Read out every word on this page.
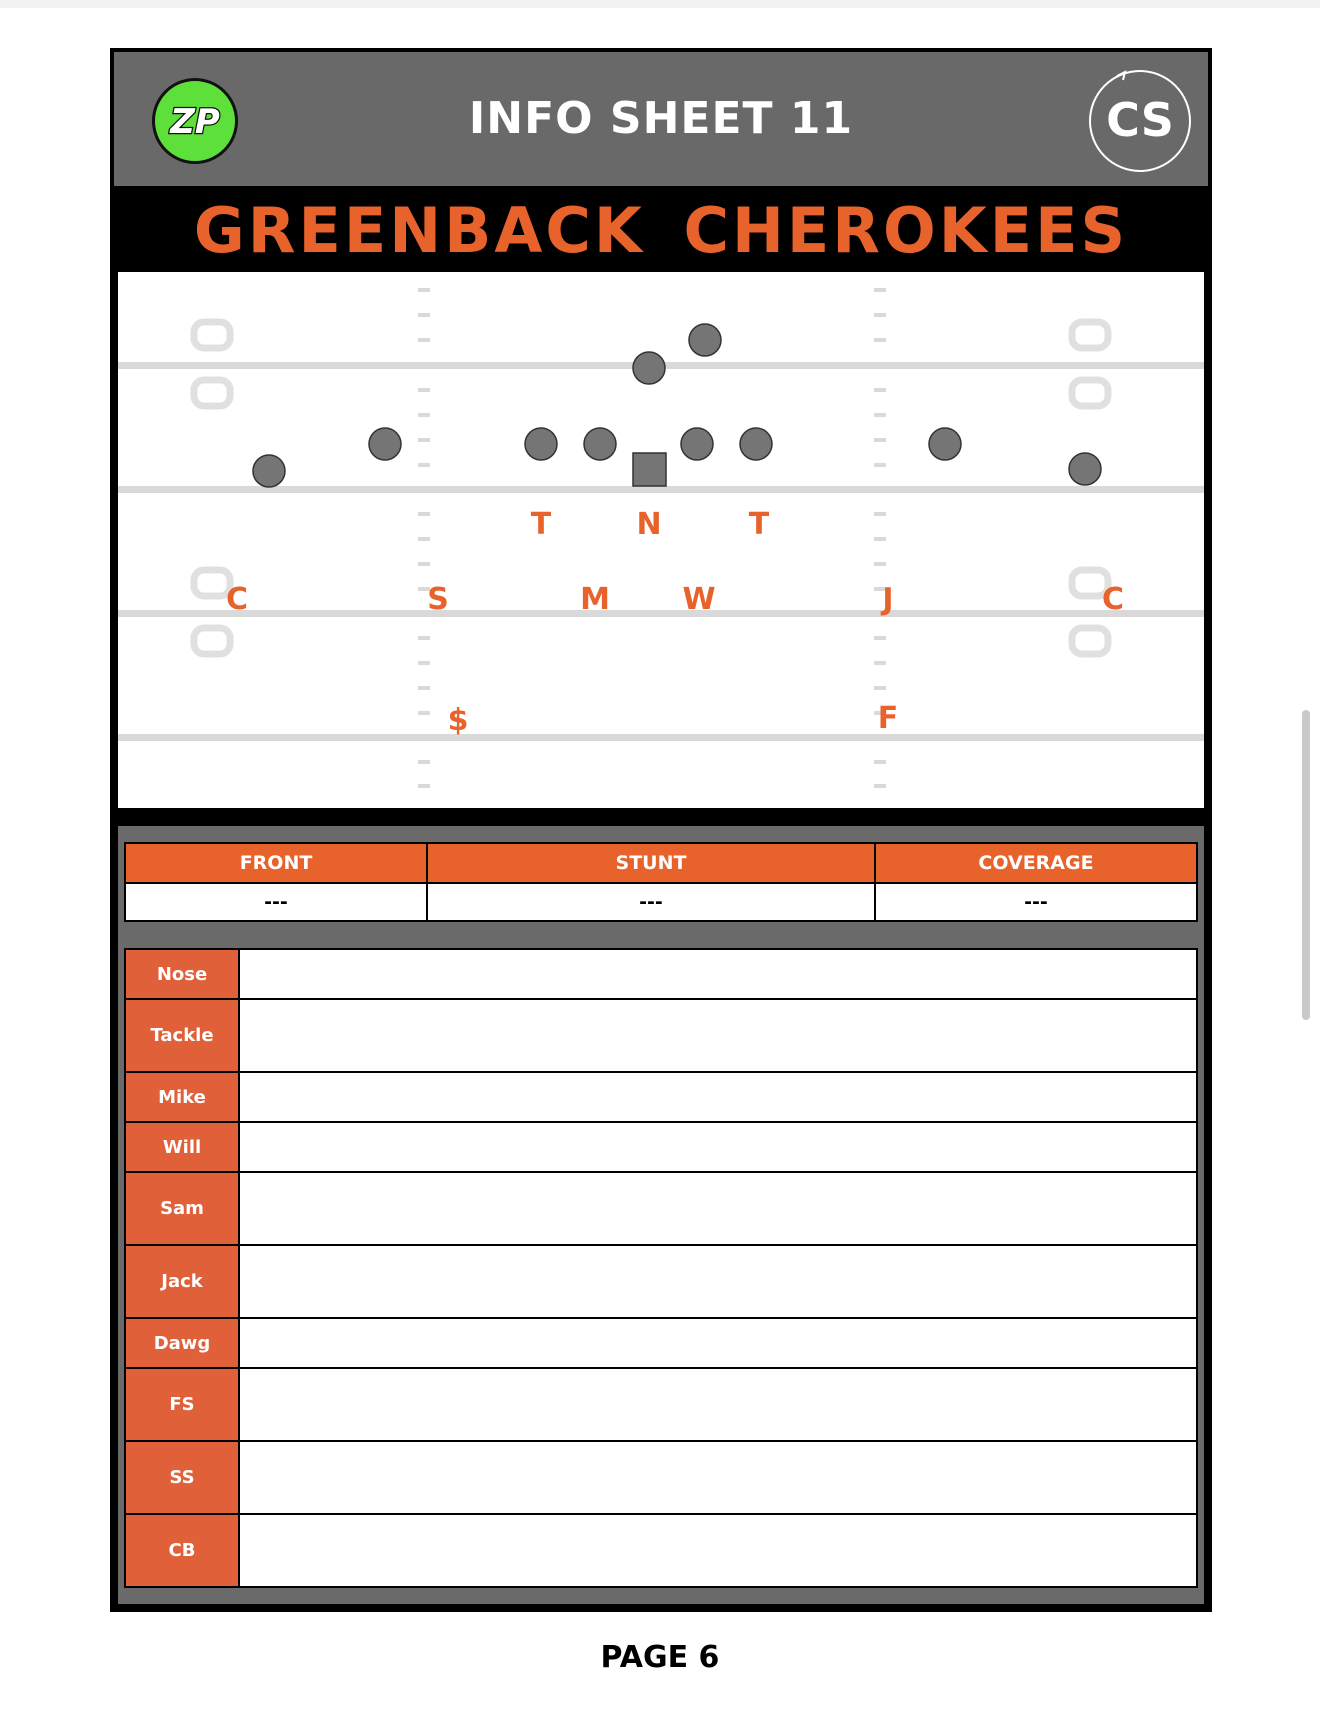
ZP	INFO SHEET 11	CS
GREENBACK CHEROKEES
T	N	T
C	S	M W	J	C
$	F
FRONT	STUNT	COVERAGE
---	---	---
Nose
Tackle
Mike
Will
Sam
Jack
Dawg
FS
SS
CB
PAGE 6
